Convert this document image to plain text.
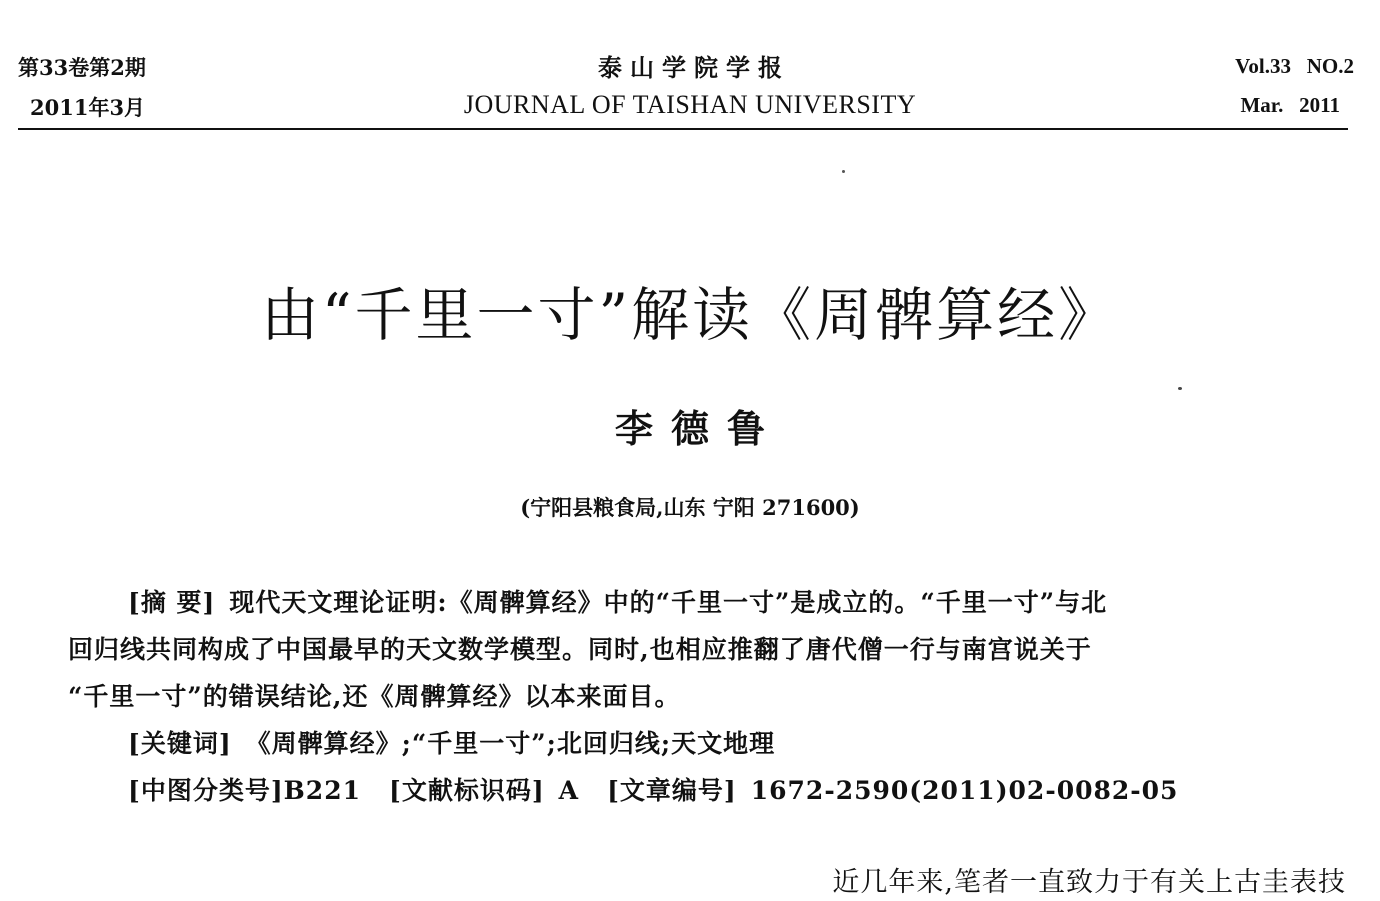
第33卷第2期
2011年3月
泰山学院学报
JOURNAL OF TAISHAN UNIVERSITY
Vol.33   NO.2
Mar.   2011
由“千里一寸”解读《周髀算经》
李德鲁
(宁阳县粮食局,山东 宁阳 271600)
[摘 要] 现代天文理论证明:《周髀算经》中的“千里一寸”是成立的。“千里一寸”与北
回归线共同构成了中国最早的天文数学模型。同时,也相应推翻了唐代僧一行与南宫说关于
“千里一寸”的错误结论,还《周髀算经》以本来面目。
[关键词] 《周髀算经》;“千里一寸”;北回归线;天文地理
[中图分类号]B221 [文献标识码] A [文章编号] 1672-2590(2011)02-0082-05
近几年来,笔者一直致力于有关上古圭表技
